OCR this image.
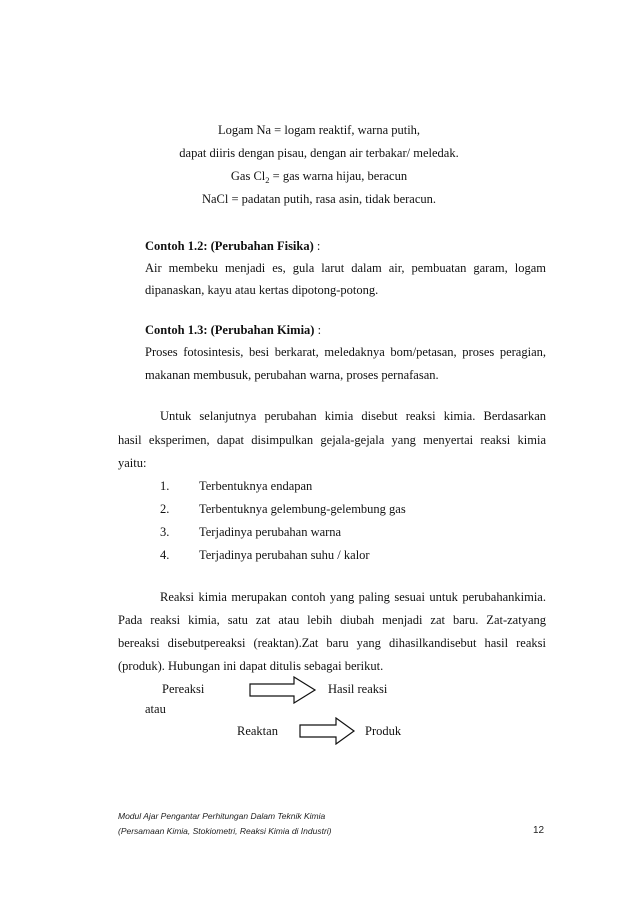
Logam Na = logam reaktif, warna putih,
dapat diiris dengan pisau, dengan air terbakar/ meledak.
Gas $Cl_2$ = gas warna hijau, beracun
NaCl = padatan putih, rasa asin, tidak beracun.
Contoh 1.2: (Perubahan Fisika) :
Air membeku menjadi es, gula larut dalam air, pembuatan garam, logam
dipanaskan, kayu atau kertas dipotong-potong.
Contoh 1.3: (Perubahan Kimia) :
Proses fotosintesis, besi berkarat, meledaknya bom/petasan, proses peragian,
makanan membusuk, perubahan warna, proses pernafasan.
Untuk selanjutnya perubahan kimia disebut reaksi kimia. Berdasarkan
hasil eksperimen, dapat disimpulkan gejala-gejala yang menyertai reaksi kimia
yaitu:
1. Terbentuknya endapan
2. Terbentuknya gelembung-gelembung gas
3. Terjadinya perubahan warna
4. Terjadinya perubahan suhu / kalor
Reaksi kimia merupakan contoh yang paling sesuai untuk perubahankimia.
Pada reaksi kimia, satu zat atau lebih diubah menjadi zat baru. Zat-zatyang
bereaksi disebutpereaksi (reaktan).Zat baru yang dihasilkandisebut hasil reaksi
(produk). Hubungan ini dapat ditulis sebagai berikut.
Pereaksi	Hasil reaksi
atau
Reaktan	Produk
Modul Ajar Pengantar Perhitungan Dalam Teknik Kimia
(Persamaan Kimia, Stokiometri, Reaksi Kimia di Industri)	12
